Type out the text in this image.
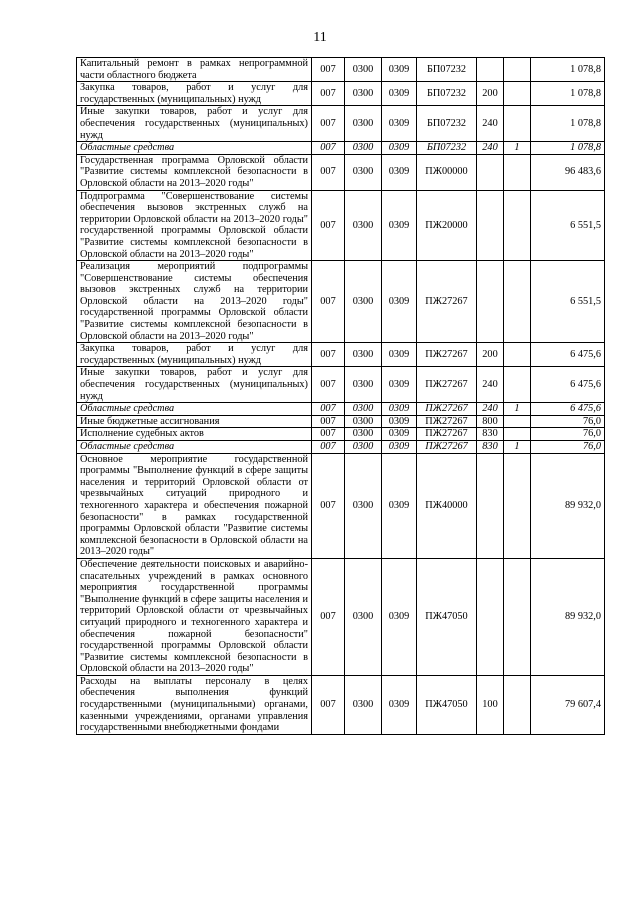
11
Капитальный ремонт в рамках непрограммной части областного бюджета	007	0300	0309	БП07232			1 078,8
Закупка товаров, работ и услуг для государственных (муниципальных) нужд	007	0300	0309	БП07232	200		1 078,8
Иные закупки товаров, работ и услуг для обеспечения государственных (муниципальных) нужд	007	0300	0309	БП07232	240		1 078,8
Областные средства	007	0300	0309	БП07232	240	1	1 078,8
Государственная программа Орловской области "Развитие системы комплексной безопасности в Орловской области на 2013–2020 годы"	007	0300	0309	ПЖ00000			96 483,6
Подпрограмма "Совершенствование системы обеспечения вызовов экстренных служб на территории Орловской области на 2013–2020 годы" государственной программы Орловской области "Развитие системы комплексной безопасности в Орловской области на 2013–2020 годы"	007	0300	0309	ПЖ20000			6 551,5
Реализация мероприятий подпрограммы "Совершенствование системы обеспечения вызовов экстренных служб на территории Орловской области на 2013–2020 годы" государственной программы Орловской области "Развитие системы комплексной безопасности в Орловской области на 2013–2020 годы"	007	0300	0309	ПЖ27267			6 551,5
Закупка товаров, работ и услуг для государственных (муниципальных) нужд	007	0300	0309	ПЖ27267	200		6 475,6
Иные закупки товаров, работ и услуг для обеспечения государственных (муниципальных) нужд	007	0300	0309	ПЖ27267	240		6 475,6
Областные средства	007	0300	0309	ПЖ27267	240	1	6 475,6
Иные бюджетные ассигнования	007	0300	0309	ПЖ27267	800		76,0
Исполнение судебных актов	007	0300	0309	ПЖ27267	830		76,0
Областные средства	007	0300	0309	ПЖ27267	830	1	76,0
Основное мероприятие государственной программы "Выполнение функций в сфере защиты населения и территорий Орловской области от чрезвычайных ситуаций природного и техногенного характера и обеспечения пожарной безопасности" в рамках государственной программы Орловской области "Развитие системы комплексной безопасности в Орловской области на 2013–2020 годы"	007	0300	0309	ПЖ40000			89 932,0
Обеспечение деятельности поисковых и аварийно-спасательных учреждений в рамках основного мероприятия государственной программы "Выполнение функций в сфере защиты населения и территорий Орловской области от чрезвычайных ситуаций природного и техногенного характера и обеспечения пожарной безопасности" государственной программы Орловской области "Развитие системы комплексной безопасности в Орловской области на 2013–2020 годы"	007	0300	0309	ПЖ47050			89 932,0
Расходы на выплаты персоналу в целях обеспечения выполнения функций государственными (муниципальными) органами, казенными учреждениями, органами управления государственными внебюджетными фондами	007	0300	0309	ПЖ47050	100		79 607,4
